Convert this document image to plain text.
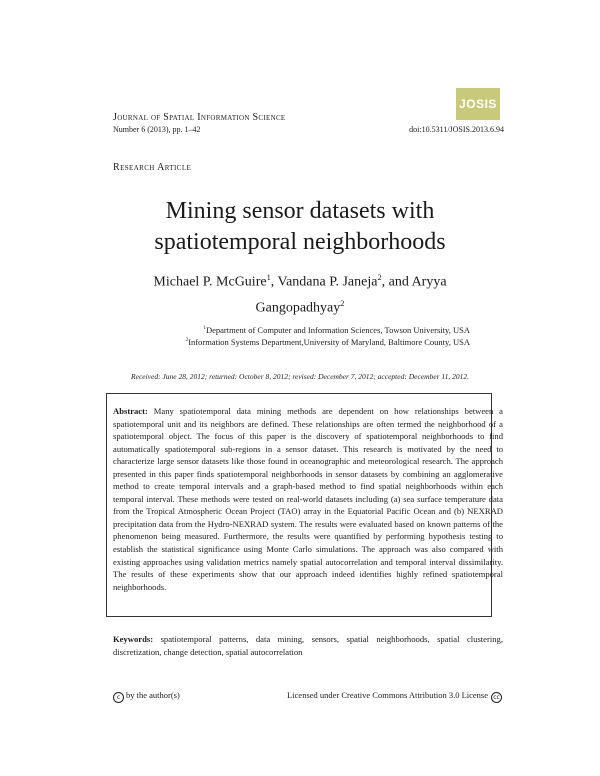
Journal of Spatial Information Science
Number 6 (2013), pp. 1–42	doi:10.5311/JOSIS.2013.6.94
JOSIS
Research Article
Mining sensor datasets with
spatiotemporal neighborhoods
Michael P. McGuire$^1$, Vandana P. Janeja$^2$, and Aryya
Gangopadhyay$^2$
$^1$Department of Computer and Information Sciences, Towson University, USA
$^2$Information Systems Department,University of Maryland, Baltimore County, USA
Received: June 28, 2012; returned: October 8, 2012; revised: December 7, 2012; accepted: December 11, 2012.
Abstract: Many spatiotemporal data mining methods are dependent on how relationships between a spatiotemporal unit and its neighbors are defined. These relationships are often termed the neighborhood of a spatiotemporal object. The focus of this paper is the discovery of spatiotemporal neighborhoods to find automatically spatiotemporal sub-regions in a sensor dataset. This research is motivated by the need to characterize large sensor datasets like those found in oceanographic and meteorological research. The approach presented in this paper finds spatiotemporal neighborhoods in sensor datasets by combining an agglomerative method to create temporal intervals and a graph-based method to find spatial neighborhoods within each temporal interval. These methods were tested on real-world datasets including (a) sea surface temperature data from the Tropical Atmospheric Ocean Project (TAO) array in the Equatorial Pacific Ocean and (b) NEXRAD precipitation data from the Hydro-NEXRAD system. The results were evaluated based on known patterns of the phenomenon being measured. Furthermore, the results were quantified by performing hypothesis testing to establish the statistical significance using Monte Carlo simulations. The approach was also compared with existing approaches using validation metrics namely spatial autocorrelation and temporal interval dissimilarity. The results of these experiments show that our approach indeed identifies highly refined spatiotemporal neighborhoods.
Keywords: spatiotemporal patterns, data mining, sensors, spatial neighborhoods, spatial clustering, discretization, change detection, spatial autocorrelation
c by the author(s)	Licensed under Creative Commons Attribution 3.0 License cc
